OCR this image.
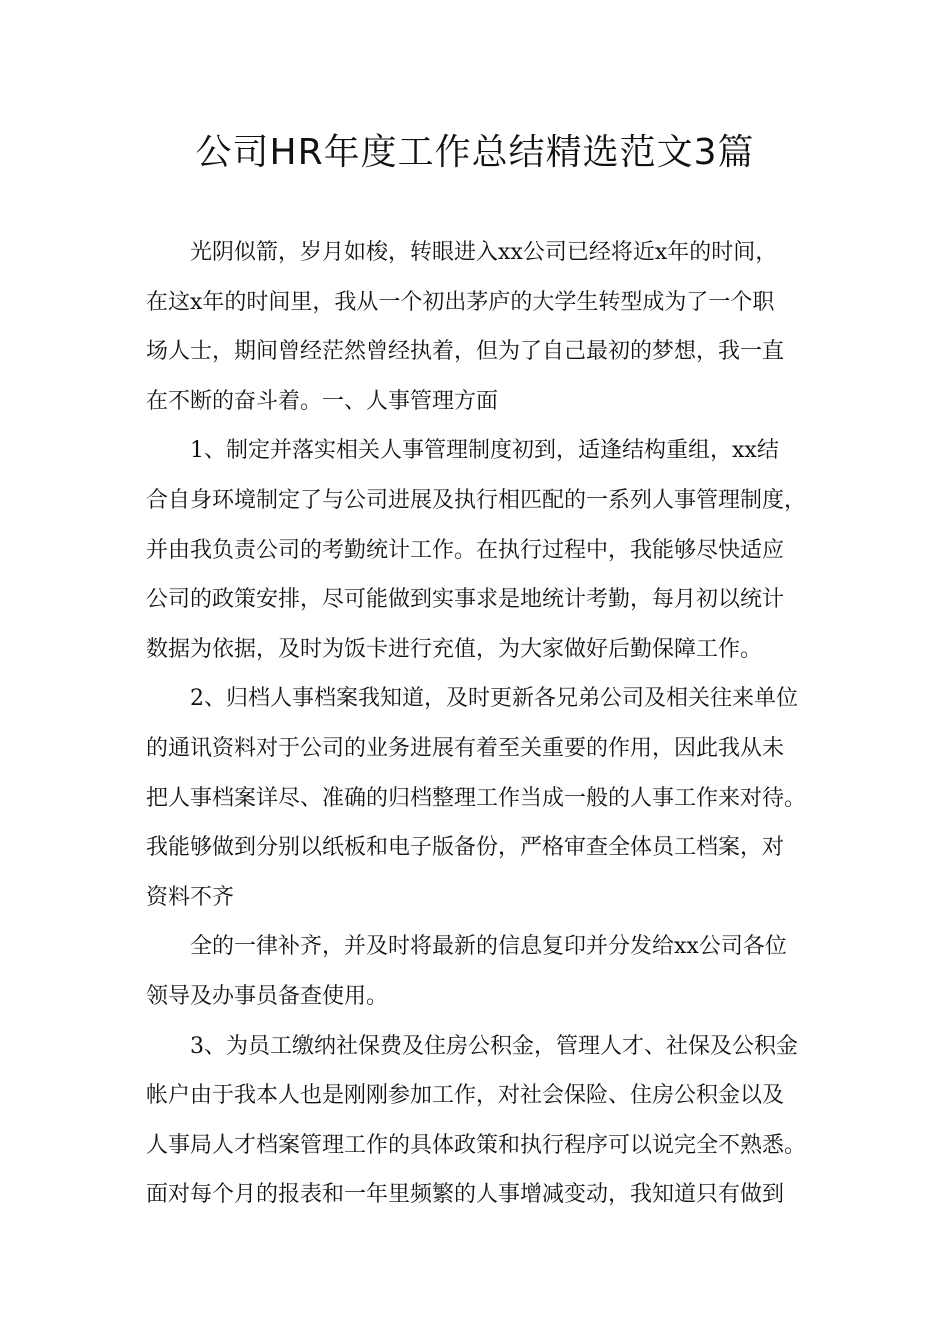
公司HR年度工作总结精选范文3篇
光阴似箭，岁月如梭，转眼进入xx公司已经将近x年的时间，
在这x年的时间里，我从一个初出茅庐的大学生转型成为了一个职
场人士，期间曾经茫然曾经执着，但为了自己最初的梦想，我一直
在不断的奋斗着。一、人事管理方面
1、制定并落实相关人事管理制度初到，适逢结构重组，xx结
合自身环境制定了与公司进展及执行相匹配的一系列人事管理制度，
并由我负责公司的考勤统计工作。在执行过程中，我能够尽快适应
公司的政策安排，尽可能做到实事求是地统计考勤，每月初以统计
数据为依据，及时为饭卡进行充值，为大家做好后勤保障工作。
2、归档人事档案我知道，及时更新各兄弟公司及相关往来单位
的通讯资料对于公司的业务进展有着至关重要的作用，因此我从未
把人事档案详尽、准确的归档整理工作当成一般的人事工作来对待。
我能够做到分别以纸板和电子版备份，严格审查全体员工档案，对
资料不齐
全的一律补齐，并及时将最新的信息复印并分发给xx公司各位
领导及办事员备查使用。
3、为员工缴纳社保费及住房公积金，管理人才、社保及公积金
帐户由于我本人也是刚刚参加工作，对社会保险、住房公积金以及
人事局人才档案管理工作的具体政策和执行程序可以说完全不熟悉。
面对每个月的报表和一年里频繁的人事增减变动，我知道只有做到
